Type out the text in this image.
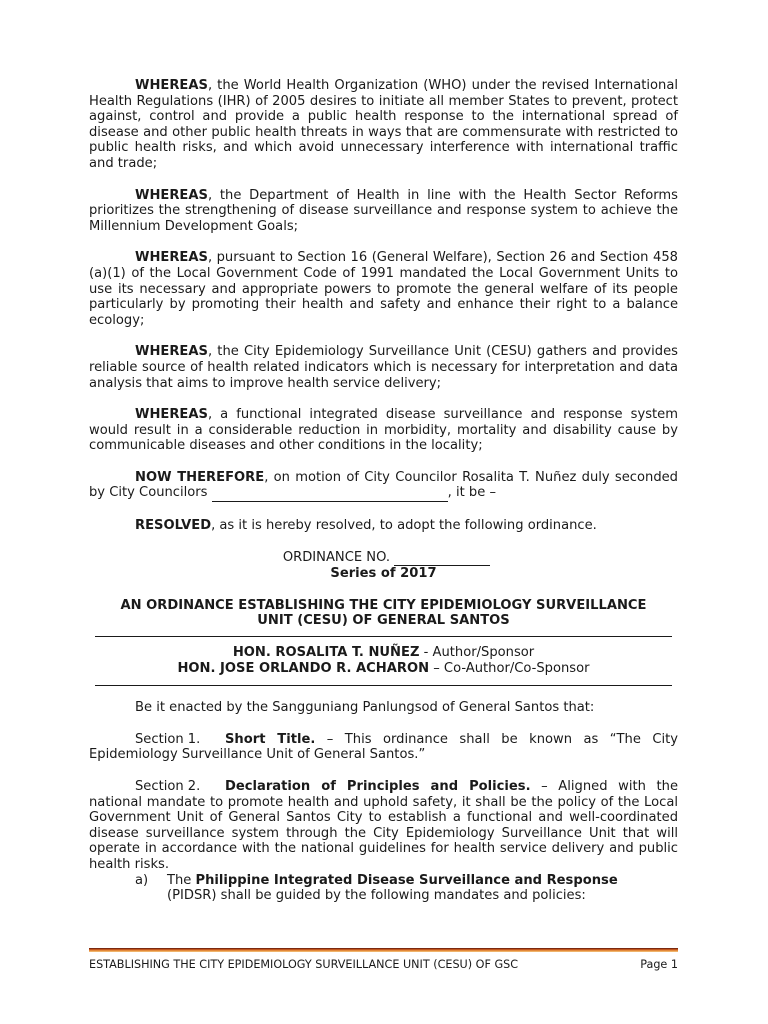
WHEREAS, the World Health Organization (WHO) under the revised International Health Regulations (IHR) of 2005 desires to initiate all member States to prevent, protect against, control and provide a public health response to the international spread of disease and other public health threats in ways that are commensurate with restricted to public health risks, and which avoid unnecessary interference with international traffic and trade;

WHEREAS, the Department of Health in line with the Health Sector Reforms prioritizes the strengthening of disease surveillance and response system to achieve the Millennium Development Goals;

WHEREAS, pursuant to Section 16 (General Welfare), Section 26 and Section 458 (a)(1) of the Local Government Code of 1991 mandated the Local Government Units to use its necessary and appropriate powers to promote the general welfare of its people particularly by promoting their health and safety and enhance their right to a balance ecology;

WHEREAS, the City Epidemiology Surveillance Unit (CESU) gathers and provides reliable source of health related indicators which is necessary for interpretation and data analysis that aims to improve health service delivery;

WHEREAS, a functional integrated disease surveillance and response system would result in a considerable reduction in morbidity, mortality and disability cause by communicable diseases and other conditions in the locality;

NOW THEREFORE, on motion of City Councilor Rosalita T. Nuñez duly seconded by City Councilors	, it be –

RESOLVED, as it is hereby resolved, to adopt the following ordinance.

ORDINANCE NO.

Series of 2017

AN ORDINANCE ESTABLISHING THE CITY EPIDEMIOLOGY SURVEILLANCE

UNIT (CESU) OF GENERAL SANTOS

HON. ROSALITA T. NUÑEZ - Author/Sponsor

HON. JOSE ORLANDO R. ACHARON – Co-Author/Co-Sponsor

Be it enacted by the Sangguniang Panlungsod of General Santos that:

Section 1. Short Title. – This ordinance shall be known as “The City Epidemiology Surveillance Unit of General Santos.”

Section 2. Declaration of Principles and Policies. – Aligned with the national mandate to promote health and uphold safety, it shall be the policy of the Local Government Unit of General Santos City to establish a functional and well-coordinated disease surveillance system through the City Epidemiology Surveillance Unit that will operate in accordance with the national guidelines for health service delivery and public health risks.

a) The Philippine Integrated Disease Surveillance and Response
(PIDSR) shall be guided by the following mandates and policies:
ESTABLISHING THE CITY EPIDEMIOLOGY SURVEILLANCE UNIT (CESU) OF GSC	Page 1
